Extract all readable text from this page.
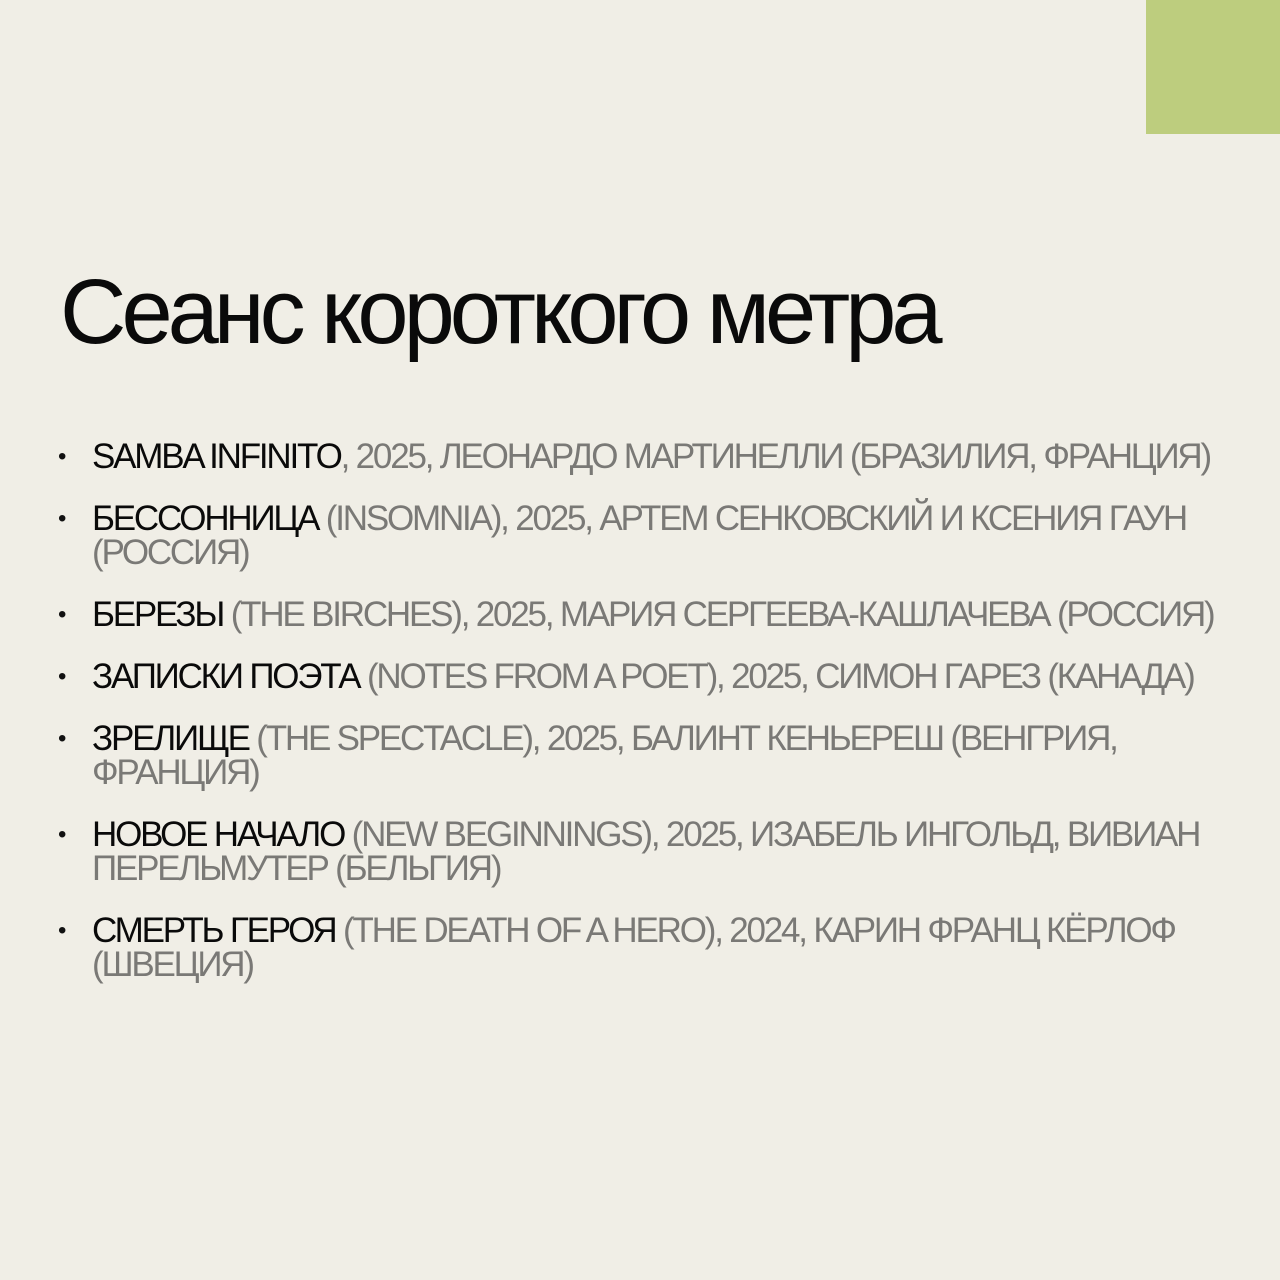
Сеанс короткого метра
• SAMBA INFINITO, 2025, ЛЕОНАРДО МАРТИНЕЛЛИ (БРАЗИЛИЯ, ФРАНЦИЯ)
• БЕССОННИЦА (INSOMNIA), 2025, АРТЕМ СЕНКОВСКИЙ И КСЕНИЯ ГАУН (РОССИЯ)
• БЕРЕЗЫ (THE BIRCHES), 2025, МАРИЯ СЕРГЕЕВА-КАШЛАЧЕВА (РОССИЯ)
• ЗАПИСКИ ПОЭТА (NOTES FROM A POET), 2025, СИМОН ГАРЕЗ (КАНАДА)
• ЗРЕЛИЩЕ (THE SPECTACLE), 2025, БАЛИНТ КЕНЬЕРЕШ (ВЕНГРИЯ, ФРАНЦИЯ)
• НОВОЕ НАЧАЛО (NEW BEGINNINGS), 2025, ИЗАБЕЛЬ ИНГОЛЬД, ВИВИАН ПЕРЕЛЬМУТЕР (БЕЛЬГИЯ)
• СМЕРТЬ ГЕРОЯ (THE DEATH OF A HERO), 2024, КАРИН ФРАНЦ КЁРЛОФ (ШВЕЦИЯ)
